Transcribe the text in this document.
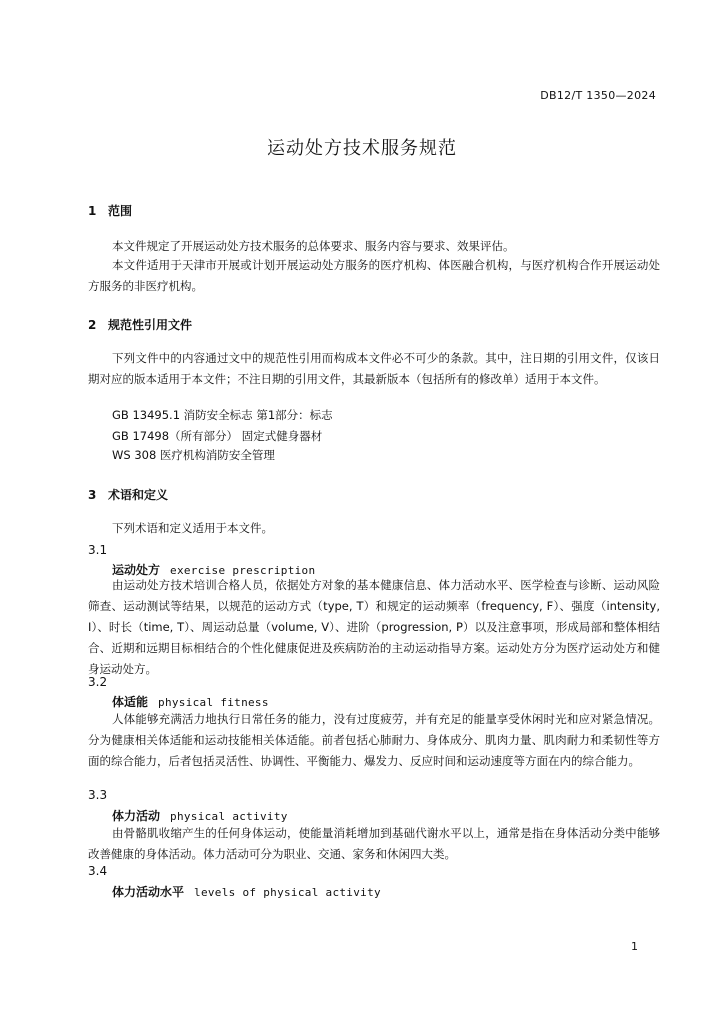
DB12/T 1350—2024
运动处方技术服务规范
1 范围

本文件规定了开展运动处方技术服务的总体要求、服务内容与要求、效果评估。

本文件适用于天津市开展或计划开展运动处方服务的医疗机构、体医融合机构，与医疗机构合作开展运动处方服务的非医疗机构。

2 规范性引用文件

下列文件中的内容通过文中的规范性引用而构成本文件必不可少的条款。其中，注日期的引用文件，仅该日期对应的版本适用于本文件；不注日期的引用文件，其最新版本（包括所有的修改单）适用于本文件。

GB 13495.1 消防安全标志 第1部分：标志
GB 17498（所有部分） 固定式健身器材
WS 308 医疗机构消防安全管理
3 术语和定义

下列术语和定义适用于本文件。

3.1
运动处方 exercise prescription

由运动处方技术培训合格人员，依据处方对象的基本健康信息、体力活动水平、医学检查与诊断、运动风险筛查、运动测试等结果，以规范的运动方式（type, T）和规定的运动频率（frequency, F）、强度（intensity, I）、时长（time, T）、周运动总量（volume, V）、进阶（progression, P）以及注意事项，形成局部和整体相结合、近期和远期目标相结合的个性化健康促进及疾病防治的主动运动指导方案。运动处方分为医疗运动处方和健身运动处方。

3.2
体适能 physical fitness

人体能够充满活力地执行日常任务的能力，没有过度疲劳，并有充足的能量享受休闲时光和应对紧急情况。分为健康相关体适能和运动技能相关体适能。前者包括心肺耐力、身体成分、肌肉力量、肌肉耐力和柔韧性等方面的综合能力，后者包括灵活性、协调性、平衡能力、爆发力、反应时间和运动速度等方面在内的综合能力。

3.3
体力活动 physical activity

由骨骼肌收缩产生的任何身体运动，使能量消耗增加到基础代谢水平以上，通常是指在身体活动分类中能够改善健康的身体活动。体力活动可分为职业、交通、家务和休闲四大类。

3.4
体力活动水平 levels of physical activity
1
